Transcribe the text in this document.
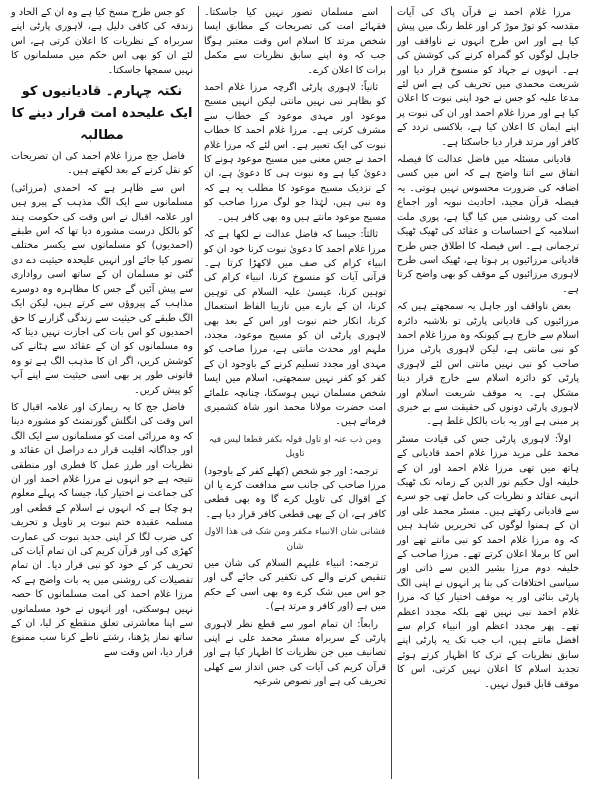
مرزا غلام احمد نے قرآن پاک کی آیات مقدسہ کو توڑ موڑ کر اور غلط رنگ میں پیش کیا ہے اور اس طرح انہوں نے ناواقف اور جاہل لوگوں کو گمراہ کرنے کی کوشش کی ہے۔ انہوں نے جہاد کو منسوخ قرار دیا اور شریعت محمدی میں تحریف کی ہے اس لئے مدعا علیہ کو جس نے خود اپنی نبوت کا اعلان کیا ہے اور مرزا غلام احمد اور ان کی نبوت پر اپنے ایمان کا اعلان کیا ہے، بلاکسی تردد کے کافر اور مرتد قرار دیا جاسکتا ہے۔

قادیانی مسئلہ میں فاضل عدالت کا فیصلہ اتفاق سے اتنا واضح ہے کہ اس میں کسی اضافہ کی ضرورت محسوس نہیں ہوتی۔ یہ فیصلہ قرآن مجید، احادیث نبویہ اور اجماع امت کی روشنی میں کیا گیا ہے، پوری ملت اسلامیہ کے احساسات و عقائد کی ٹھیک ٹھیک ترجمانی ہے۔ اس فیصلہ کا اطلاق جس طرح قادیانی مرزائیوں پر ہوتا ہے، ٹھیک اسی طرح لاہوری مرزائیوں کے موقف کو بھی واضح کرتا ہے۔

بعض ناواقف اور جاہل یہ سمجھتے ہیں کہ مرزائیوں کی قادیانی پارٹی تو بلاشبہ دائرہ اسلام سے خارج ہے کیونکہ وہ مرزا غلام احمد کو نبی مانتی ہے، لیکن لاہوری پارٹی مرزا صاحب کو نبی نہیں مانتی اس لئے لاہوری پارٹی کو دائرہ اسلام سے خارج قرار دینا مشکل ہے۔ یہ موقف شریعت اسلام اور لاہوری پارٹی دونوں کی حقیقت سے بے خبری پر مبنی ہے اور یہ بات بالکل غلط ہے۔

اولاً: لاہوری پارٹی جس کی قیادت مسٹر محمد علی مرید مرزا غلام احمد قادیانی کے ہاتھ میں تھی مرزا غلام احمد اور ان کے خلیفہ اول حکیم نور الدین کے زمانہ تک ٹھیک انہی عقائد و نظریات کی حامل تھی جو سرے سے قادیانی رکھتے ہیں۔ مسٹر محمد علی اور ان کے ہمنوا لوگوں کی تحریریں شاہد ہیں کہ وہ مرزا غلام احمد کو نبی مانتے تھے اور اس کا برملا اعلان کرتے تھے۔ مرزا صاحب کے خلیفہ دوم مرزا بشیر الدین سے ذاتی اور سیاسی اختلافات کی بنا پر انہوں نے اپنی الگ پارٹی بنائی اور یہ موقف اختیار کیا کہ مرزا غلام احمد نبی نہیں تھے بلکہ مجدد اعظم تھے۔ پھر مجدد اعظم اور انبیاء کرام سے افضل مانتے ہیں، اب جب تک یہ پارٹی اپنے سابق نظریات کے ترک کا اظہار کرتے ہوئے تجدید اسلام کا اعلان نہیں کرتی، اس کا موقف قابل قبول نہیں۔

اسے مسلمان تصور نہیں کیا جاسکتا۔ فقہائے امت کی تصریحات کے مطابق ایسا شخص مرتد کا اسلام اس وقت معتبر ہوگا جب کہ وہ اپنے سابق نظریات سے مکمل برات کا اعلان کرے۔

ثانیاً: لاہوری پارٹی اگرچہ مرزا غلام احمد کو بظاہر نبی نہیں مانتی لیکن انہیں مسیح موعود اور مہدی موعود کے خطاب سے مشرف کرتی ہے۔ مرزا غلام احمد کا خطاب نبوت کی ایک تعبیر ہے۔ اس لئے کہ مرزا غلام احمد نے جس معنی میں مسیح موعود ہونے کا دعویٰ کیا ہے وہ نبوت ہی کا دعویٰ ہے، ان کے نزدیک مسیح موعود کا مطلب یہ ہے کہ وہ نبی ہیں، لہٰذا جو لوگ مرزا صاحب کو مسیح موعود مانتے ہیں وہ بھی کافر ہیں۔

ثالثاً: جیسا کہ فاضل عدالت نے لکھا ہے کہ مرزا غلام احمد کا دعویٰ نبوت کرنا خود ان کو انبیاء کرام کی صف میں لاکھڑا کرتا ہے۔ قرآنی آیات کو منسوخ کرنا، انبیاء کرام کی توہین کرنا، عیسیٰ علیہ السلام کی توہین کرنا، ان کے بارے میں نازیبا الفاظ استعمال کرنا، انکار ختم نبوت اور اس کے بعد بھی لاہوری پارٹی ان کو مسیح موعود، مجدد، ملہم اور محدث مانتی ہے، مرزا صاحب کو مہدی اور مجدد تسلیم کرنے کے باوجود ان کے کفر کو کفر نہیں سمجھتی، اسلام میں ایسا شخص مسلمان نہیں ہوسکتا، چنانچہ علمائے امت حضرت مولانا محمد انور شاہ کشمیری فرماتے ہیں۔

ومن ذب عنہ او تاول قولہ بکفر قطعا لیس فیہ تاویل

ترجمہ: اور جو شخص (کھلے کفر کے باوجود) مرزا صاحب کی جانب سے مدافعت کرے یا ان کے اقوال کی تاویل کرے گا وہ بھی قطعی کافر ہے، ان کے بھی قطعی کافر قرار دیا ہے۔

فشانی شان الانبیاء مکفر ومن شک فی ھذا الاول شان

ترجمہ: انبیاء علیہم السلام کی شان میں تنقیص کرنے والے کی تکفیر کی جائے گی اور جو اس میں شک کرے وہ بھی اسی کے حکم میں ہے (اور کافر و مرتد ہے)۔

رابعاً: ان تمام امور سے قطع نظر لاہوری پارٹی کے سربراہ مسٹر محمد علی نے اپنی تصانیف میں جن نظریات کا اظہار کیا ہے اور قرآن کریم کی آیات کی جس انداز سے کھلی تحریف کی ہے اور نصوص شرعیہ

کو جس طرح مسخ کیا ہے وہ ان کے الحاد و زندقہ کی کافی دلیل ہے، لاہوری پارٹی اپنے سربراہ کے نظریات کا اعلان کرتی ہے، اس لئے ان کو بھی اس حکم میں مسلمانوں کا نہیں سمجھا جاسکتا۔

نکتہ چہارم۔ قادیانیوں کو ایک علیحدہ امت قرار دینے کا مطالبہ

فاضل جج مرزا غلام احمد کی ان تصریحات کو نقل کرنے کے بعد لکھتے ہیں۔

اس سے ظاہر ہے کہ احمدی (مرزائی) مسلمانوں سے ایک الگ مذہب کے پیرو ہیں اور علامہ اقبال نے اس وقت کی حکومت ہند کو بالکل درست مشورہ دیا تھا کہ اس طبقے (احمدیوں) کو مسلمانوں سے یکسر مختلف تصور کیا جائے اور انہیں علیحدہ حیثیت دے دی گئی تو مسلمان ان کے ساتھ اسی رواداری سے پیش آئیں گے جس کا مظاہرہ وہ دوسرے مذاہب کے پیروؤں سے کرتے ہیں، لیکن ایک الگ طبقے کی حیثیت سے زندگی گزارنے کا حق احمدیوں کو اس بات کی اجازت نہیں دیتا کہ وہ مسلمانوں کو ان کے عقائد سے ہٹانے کی کوشش کریں، اگر ان کا مذہب الگ ہے تو وہ قانونی طور پر بھی اسی حیثیت سے اپنے آپ کو پیش کریں۔

فاضل جج کا یہ ریمارک اور علامہ اقبال کا اس وقت کی انگلش گورنمنٹ کو مشورہ دینا کہ وہ مرزائی امت کو مسلمانوں سے ایک الگ اور جداگانہ اقلیت قرار دے دراصل ان عقائد و نظریات اور طرز عمل کا فطری اور منطقی نتیجہ ہے جو انہوں نے مرزا غلام احمد اور ان کی جماعت نے اختیار کیا، جیسا کہ پہلے معلوم ہو چکا ہے کہ انہوں نے اسلام کے قطعی اور مسلمہ عقیدہ ختم نبوت پر تاویل و تحریف کی ضرب لگا کر اپنی جدید نبوت کی عمارت کھڑی کی اور قرآن کریم کی ان تمام آیات کی تحریف کر کے خود کو نبی قرار دیا۔ ان تمام تفصیلات کی روشنی میں یہ بات واضح ہے کہ مرزا غلام احمد کی امت مسلمانوں کا حصہ نہیں ہوسکتی، اور انہوں نے خود مسلمانوں سے اپنا معاشرتی تعلق منقطع کر لیا، ان کے ساتھ نماز پڑھنا، رشتے ناطے کرنا سب ممنوع قرار دیا، اس وقت سے
